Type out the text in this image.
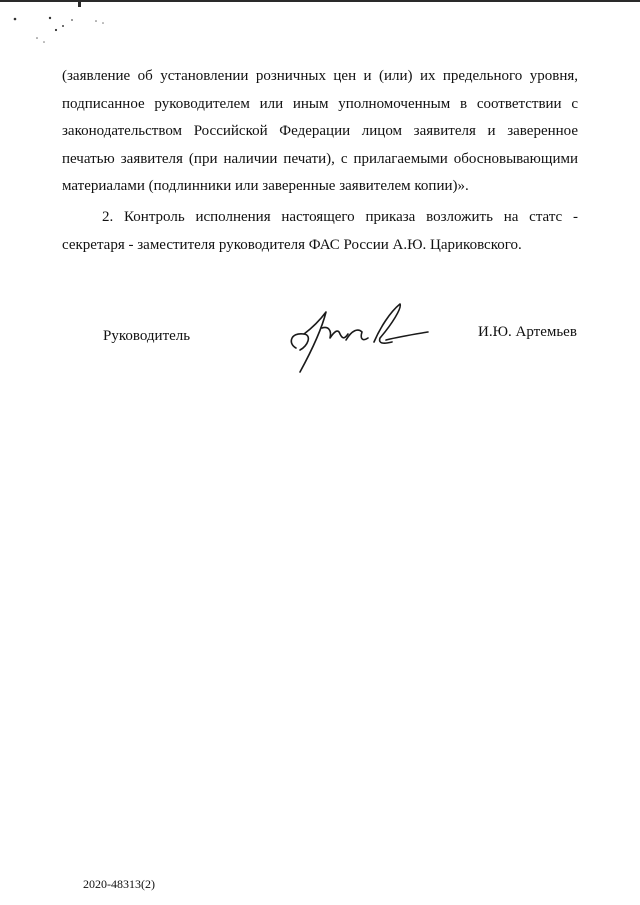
(заявление об установлении розничных цен и (или) их предельного уровня,
подписанное руководителем или иным уполномоченным в соответствии с
законодательством Российской Федерации лицом заявителя и заверенное
печатью заявителя (при наличии печати), с прилагаемыми обосновывающими
материалами (подлинники или заверенные заявителем копии)».
2. Контроль исполнения настоящего приказа возложить на статс -
секретаря - заместителя руководителя ФАС России А.Ю. Цариковского.
Руководитель	И.Ю. Артемьев
2020-48313(2)
